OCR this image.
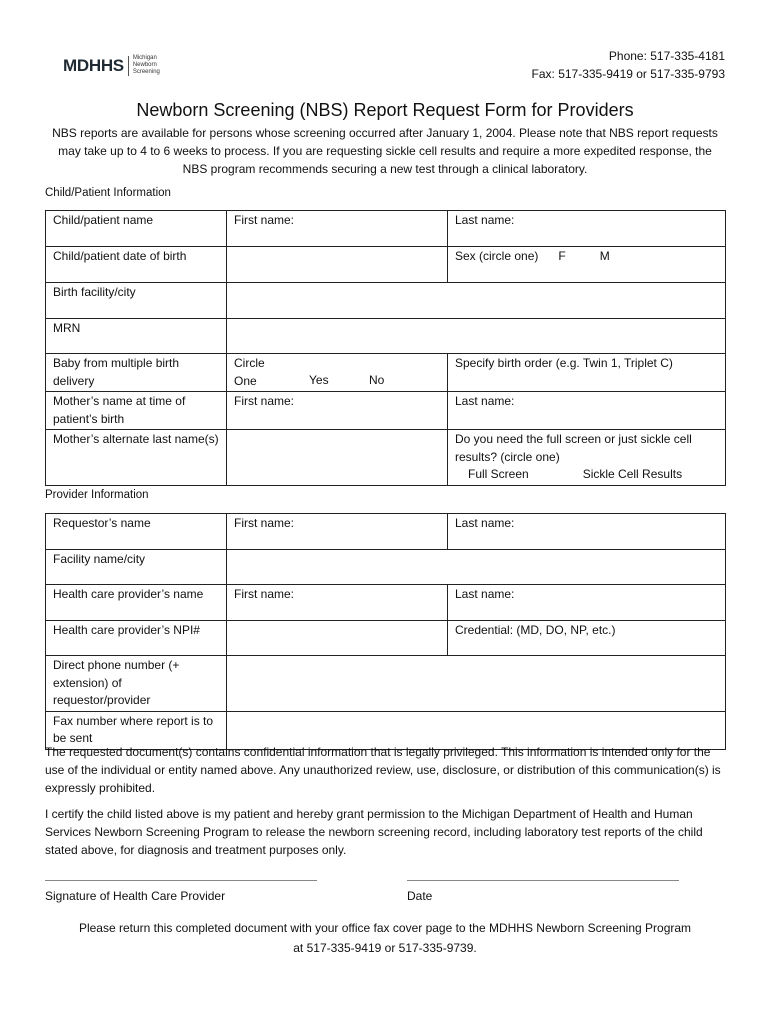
MDHHS Michigan Newborn Screening
Phone: 517-335-4181
Fax: 517-335-9419 or 517-335-9793
Newborn Screening (NBS) Report Request Form for Providers
NBS reports are available for persons whose screening occurred after January 1, 2004. Please note that NBS report requests may take up to 4 to 6 weeks to process. If you are requesting sickle cell results and require a more expedited response, the NBS program recommends securing a new test through a clinical laboratory.
Child/Patient Information
Child/patient name	First name:	Last name:
Child/patient date of birth		Sex (circle one) F M
Birth facility/city		
MRN		
Baby from multiple birth delivery	Circle One Yes No	Specify birth order (e.g. Twin 1, Triplet C)
Mother’s name at time of patient’s birth	First name:	Last name:
Mother’s alternate last name(s)		Do you need the full screen or just sickle cell results? (circle one)
Full Screen Sickle Cell Results
Provider Information
Requestor’s name	First name:	Last name:
Facility name/city		
Health care provider’s name	First name:	Last name:
Health care provider’s NPI#		Credential: (MD, DO, NP, etc.)
Direct phone number (+ extension) of requestor/provider		
Fax number where report is to be sent		
The requested document(s) contains confidential information that is legally privileged. This information is intended only for the use of the individual or entity named above. Any unauthorized review, use, disclosure, or distribution of this communication(s) is expressly prohibited.
I certify the child listed above is my patient and hereby grant permission to the Michigan Department of Health and Human Services Newborn Screening Program to release the newborn screening record, including laboratory test reports of the child stated above, for diagnosis and treatment purposes only.
Signature of Health Care Provider	Date
Please return this completed document with your office fax cover page to the MDHHS Newborn Screening Program
at 517-335-9419 or 517-335-9739.
